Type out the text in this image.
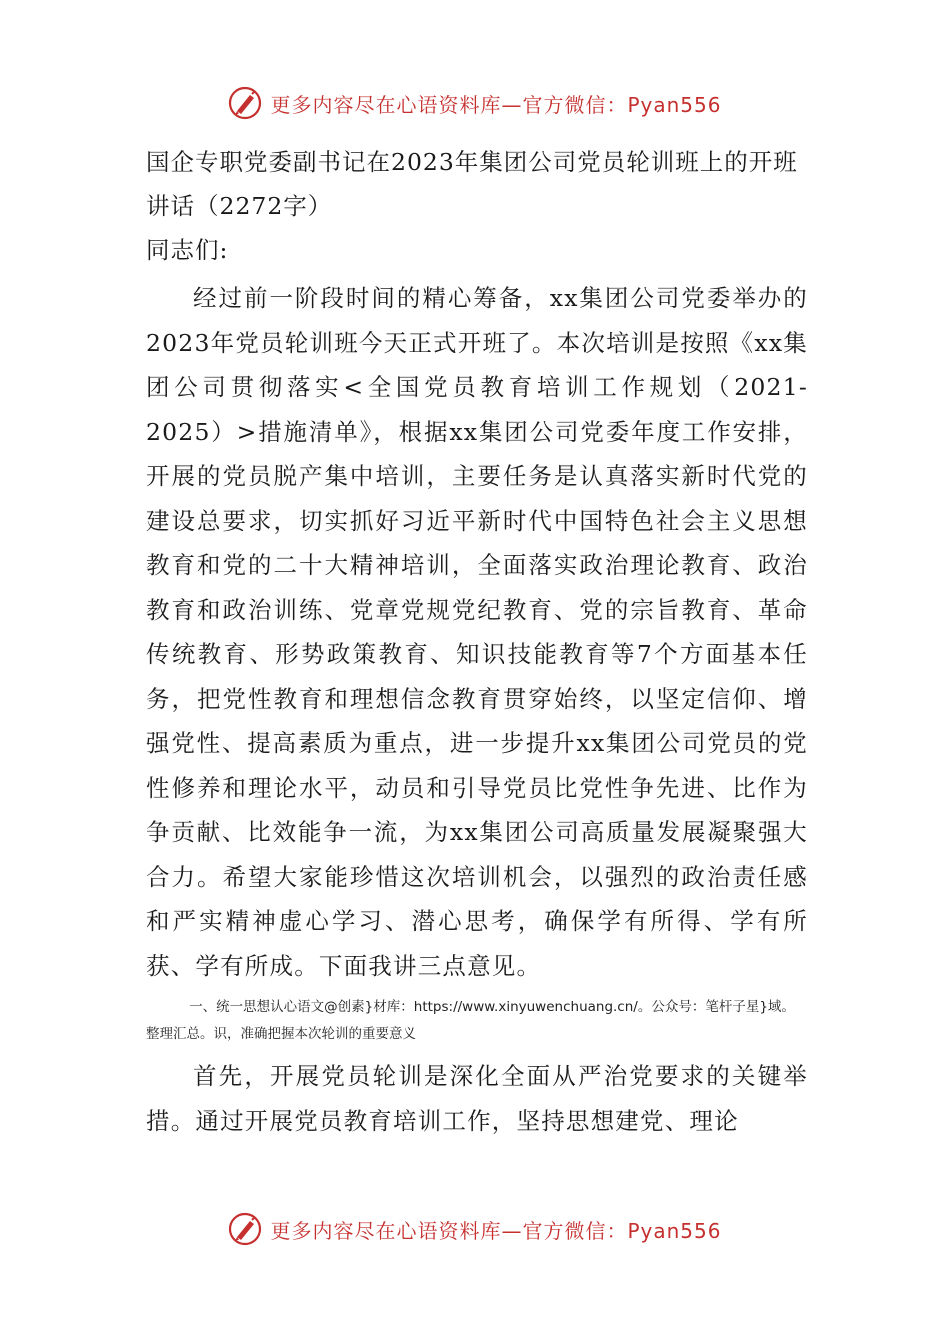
更多内容尽在心语资料库—官方微信：Pyan556

国企专职党委副书记在2023年集团公司党员轮训班上的开班讲话（2272字）

同志们:

经过前一阶段时间的精心筹备，xx集团公司党委举办的2023年党员轮训班今天正式开班了。本次培训是按照《xx集团公司贯彻落实<全国党员教育培训工作规划（2021-2025）>措施清单》，根据xx集团公司党委年度工作安排，开展的党员脱产集中培训，主要任务是认真落实新时代党的建设总要求，切实抓好习近平新时代中国特色社会主义思想教育和党的二十大精神培训，全面落实政治理论教育、政治教育和政治训练、党章党规党纪教育、党的宗旨教育、革命传统教育、形势政策教育、知识技能教育等7个方面基本任务，把党性教育和理想信念教育贯穿始终，以坚定信仰、增强党性、提高素质为重点，进一步提升xx集团公司党员的党性修养和理论水平，动员和引导党员比党性争先进、比作为争贡献、比效能争一流，为xx集团公司高质量发展凝聚强大合力。希望大家能珍惜这次培训机会，以强烈的政治责任感和严实精神虚心学习、潜心思考，确保学有所得、学有所获、学有所成。下面我讲三点意见。

一、统一思想认心语文@创素}材库：https://www.xinyuwenchuang.cn/。公众号：笔杆子星}域。整理汇总。识，准确把握本次轮训的重要意义

首先，开展党员轮训是深化全面从严治党要求的关键举措。通过开展党员教育培训工作，坚持思想建党、理论

更多内容尽在心语资料库—官方微信：Pyan556
